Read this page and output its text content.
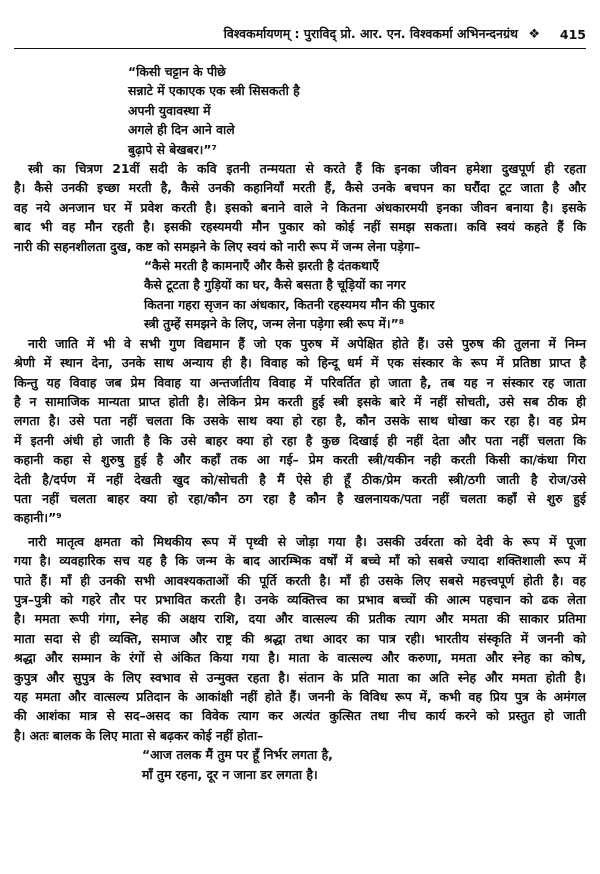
विश्वकर्मायणम् : पुराविद् प्रो. आर. एन. विश्वकर्मा अभिनन्दनग्रंथ ❖ 415
“किसी चट्टान के पीछे
सन्नाटे में एकाएक एक स्त्री सिसकती है
अपनी युवावस्था में
अगले ही दिन आने वाले
बुढ़ापे से बेखबर।”⁷
स्त्री का चित्रण 21वीं सदी के कवि इतनी तन्मयता से करते हैं कि इनका जीवन हमेशा दुखपूर्ण ही रहता
है। कैसे उनकी इच्छा मरती है, कैसे उनकी कहानियाँ मरती हैं, कैसे उनके बचपन का घरौंदा टूट जाता है और
वह नये अनजान घर में प्रवेश करती है। इसको बनाने वाले ने कितना अंधकारमयी इनका जीवन बनाया है। इसके
बाद भी वह मौन रहती है। इसकी रहस्यमयी मौन पुकार को कोई नहीं समझ सकता। कवि स्वयं कहते हैं कि
नारी की सहनशीलता दुख, कष्ट को समझने के लिए स्वयं को नारी रूप में जन्म लेना पड़ेगा–
“कैसे मरती है कामनाएँ और कैसे झरती है दंतकथाएँ
कैसे टूटता है गुड़ियों का घर, कैसे बसता है चूड़ियों का नगर
कितना गहरा सृजन का अंधकार, कितनी रहस्यमय मौन की पुकार
स्त्री तुम्हें समझने के लिए, जन्म लेना पड़ेगा स्त्री रूप में।”⁸
नारी जाति में भी वे सभी गुण विद्यमान हैं जो एक पुरुष में अपेक्षित होते हैं। उसे पुरुष की तुलना में निम्न
श्रेणी में स्थान देना, उनके साथ अन्याय ही है। विवाह को हिन्दू धर्म में एक संस्कार के रूप में प्रतिष्ठा प्राप्त है
किन्तु यह विवाह जब प्रेम विवाह या अन्तर्जातीय विवाह में परिवर्तित हो जाता है, तब यह न संस्कार रह जाता
है न सामाजिक मान्यता प्राप्त होती है। लेकिन प्रेम करती हुई स्त्री इसके बारे में नहीं सोचती, उसे सब ठीक ही
लगता है। उसे पता नहीं चलता कि उसके साथ क्या हो रहा है, कौन उसके साथ धोखा कर रहा है। वह प्रेम
में इतनी अंधी हो जाती है कि उसे बाहर क्या हो रहा है कुछ दिखाई ही नहीं देता और पता नहीं चलता कि
कहानी कहा से शुरुषु हुई है और कहाँ तक आ गई– प्रेम करती स्त्री/यकीन नही करती किसी का/कंधा गिरा
देती है/दर्पण में नहीं देखती खुद को/सोचती है मैं ऐसे ही हूँ ठीक/प्रेम करती स्त्री/ठगी जाती है रोज/उसे
पता नहीं चलता बाहर क्या हो रहा/कौन ठग रहा है कौन है खलनायक/पता नहीं चलता कहाँ से शुरु हुई
कहानी।”⁹
नारी मातृत्व क्षमता को मिथकीय रूप में पृथ्वी से जोड़ा गया है। उसकी उर्वरता को देवी के रूप में पूजा
गया है। व्यवहारिक सच यह है कि जन्म के बाद आरम्भिक वर्षों में बच्चे माँ को सबसे ज्यादा शक्तिशाली रूप में
पाते हैं। माँ ही उनकी सभी आवश्यकताओं की पूर्ति करती है। माँ ही उसके लिए सबसे महत्त्वपूर्ण होती है। वह
पुत्र–पुत्री को गहरे तौर पर प्रभावित करती है। उनके व्यक्तित्त्व का प्रभाव बच्चों की आत्म पहचान को ढक लेता
है। ममता रूपी गंगा, स्नेह की अक्षय राशि, दया और वात्सल्य की प्रतीक त्याग और ममता की साकार प्रतिमा
माता सदा से ही व्यक्ति, समाज और राष्ट्र की श्रद्धा तथा आदर का पात्र रही। भारतीय संस्कृति में जननी को
श्रद्धा और सम्मान के रंगों से अंकित किया गया है। माता के वात्सल्य और करुणा, ममता और स्नेह का कोष,
कुपुत्र और सुपुत्र के लिए स्वभाव से उन्मुक्त रहता है। संतान के प्रति माता का अति स्नेह और ममता होती है।
यह ममता और वात्सल्य प्रतिदान के आकांक्षी नहीं होते हैं। जननी के विविध रूप में, कभी वह प्रिय पुत्र के अमंगल
की आशंका मात्र से सद–असद का विवेक त्याग कर अत्यंत कुत्सित तथा नीच कार्य करने को प्रस्तुत हो जाती
है। अतः बालक के लिए माता से बढ़कर कोई नहीं होता–
“आज तलक मैं तुम पर हूँ निर्भर लगता है,
माँ तुम रहना, दूर न जाना डर लगता है।
